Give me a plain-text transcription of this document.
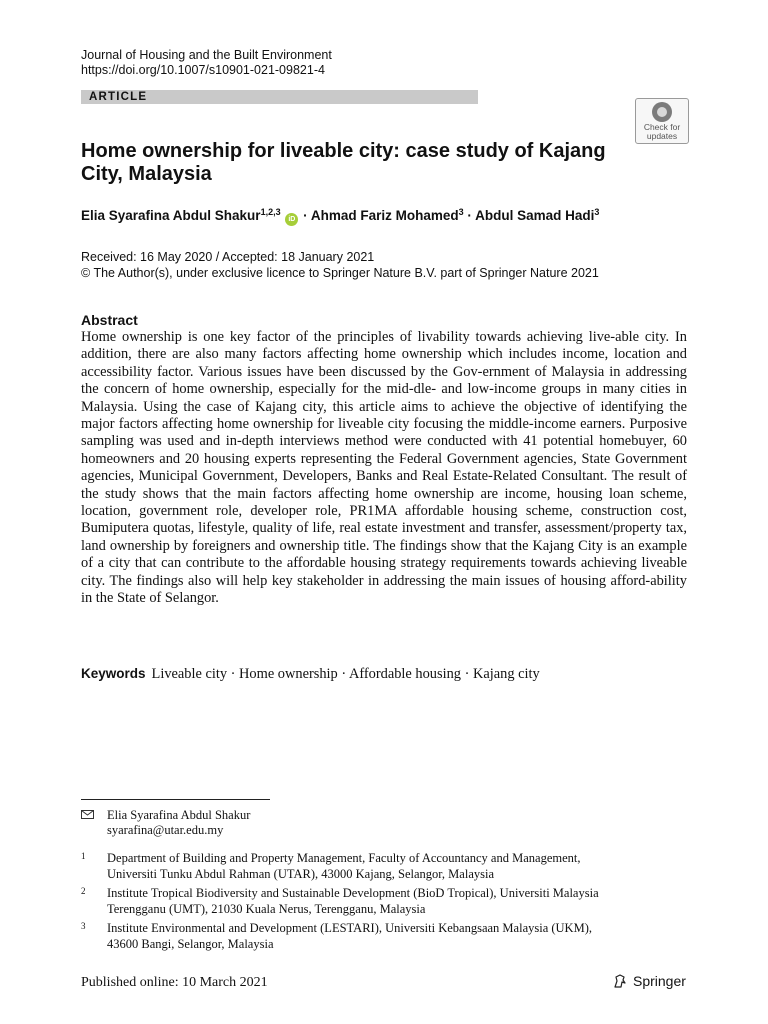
Journal of Housing and the Built Environment
https://doi.org/10.1007/s10901-021-09821-4
ARTICLE
Check for
updates
Home ownership for liveable city: case study of Kajang City, Malaysia
Elia Syarafina Abdul Shakur$^{1,2,3}$ iD · Ahmad Fariz Mohamed$^3$ · Abdul Samad Hadi$^3$
Received: 16 May 2020 / Accepted: 18 January 2021
© The Author(s), under exclusive licence to Springer Nature B.V. part of Springer Nature 2021
Abstract
Home ownership is one key factor of the principles of livability towards achieving live-able city. In addition, there are also many factors affecting home ownership which includes income, location and accessibility factor. Various issues have been discussed by the Gov-ernment of Malaysia in addressing the concern of home ownership, especially for the mid-dle- and low-income groups in many cities in Malaysia. Using the case of Kajang city, this article aims to achieve the objective of identifying the major factors affecting home ownership for liveable city focusing the middle-income earners. Purposive sampling was used and in-depth interviews method were conducted with 41 potential homebuyer, 60 homeowners and 20 housing experts representing the Federal Government agencies, State Government agencies, Municipal Government, Developers, Banks and Real Estate-Related Consultant. The result of the study shows that the main factors affecting home ownership are income, housing loan scheme, location, government role, developer role, PR1MA affordable housing scheme, construction cost, Bumiputera quotas, lifestyle, quality of life, real estate investment and transfer, assessment/property tax, land ownership by foreigners and ownership title. The findings show that the Kajang City is an example of a city that can contribute to the affordable housing strategy requirements towards achieving liveable city. The findings also will help key stakeholder in addressing the main issues of housing afford-ability in the State of Selangor.
Keywords Liveable city · Home ownership · Affordable housing · Kajang city
Elia Syarafina Abdul Shakur
syarafina@utar.edu.my
1 Department of Building and Property Management, Faculty of Accountancy and Management,
Universiti Tunku Abdul Rahman (UTAR), 43000 Kajang, Selangor, Malaysia
2 Institute Tropical Biodiversity and Sustainable Development (BioD Tropical), Universiti Malaysia
Terengganu (UMT), 21030 Kuala Nerus, Terengganu, Malaysia
3 Institute Environmental and Development (LESTARI), Universiti Kebangsaan Malaysia (UKM),
43600 Bangi, Selangor, Malaysia
Published online: 10 March 2021	Springer
